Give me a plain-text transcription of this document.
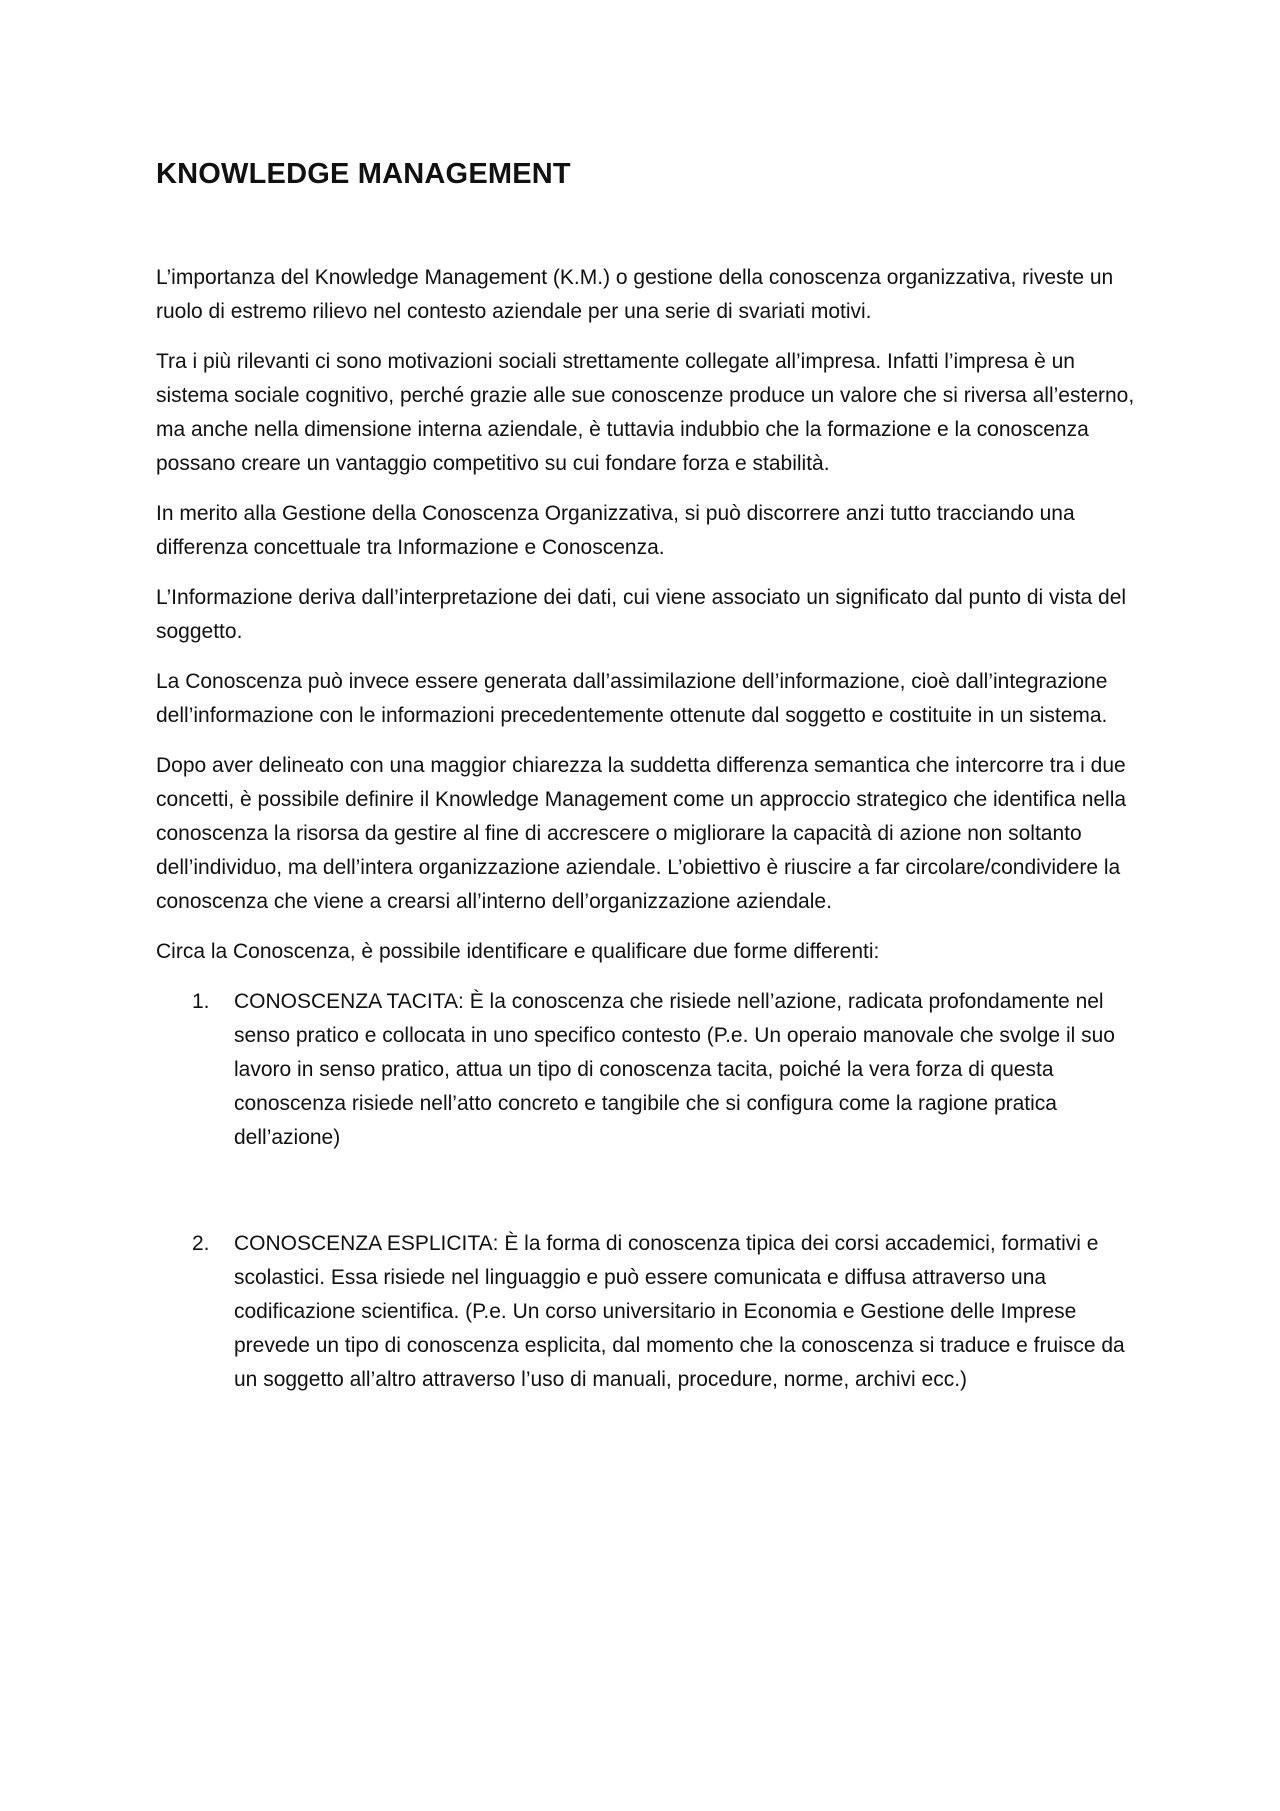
KNOWLEDGE MANAGEMENT

L’importanza del Knowledge Management (K.M.) o gestione della conoscenza organizzativa, riveste un ruolo di estremo rilievo nel contesto aziendale per una serie di svariati motivi.

Tra i più rilevanti ci sono motivazioni sociali strettamente collegate all’impresa. Infatti l’impresa è un sistema sociale cognitivo, perché grazie alle sue conoscenze produce un valore che si riversa all’esterno, ma anche nella dimensione interna aziendale, è tuttavia indubbio che la formazione e la conoscenza possano creare un vantaggio competitivo su cui fondare forza e stabilità.

In merito alla Gestione della Conoscenza Organizzativa, si può discorrere anzi tutto tracciando una differenza concettuale tra Informazione e Conoscenza.

L’Informazione deriva dall’interpretazione dei dati, cui viene associato un significato dal punto di vista del soggetto.

La Conoscenza può invece essere generata dall’assimilazione dell’informazione, cioè dall’integrazione dell’informazione con le informazioni precedentemente ottenute dal soggetto e costituite in un sistema.

Dopo aver delineato con una maggior chiarezza la suddetta differenza semantica che intercorre tra i due concetti, è possibile definire il Knowledge Management come un approccio strategico che identifica nella conoscenza la risorsa da gestire al fine di accrescere o migliorare la capacità di azione non soltanto dell’individuo, ma dell’intera organizzazione aziendale. L’obiettivo è riuscire a far circolare/condividere la conoscenza che viene a crearsi all’interno dell’organizzazione aziendale.

Circa la Conoscenza, è possibile identificare e qualificare due forme differenti:

1. CONOSCENZA TACITA: È la conoscenza che risiede nell’azione, radicata profondamente nel senso pratico e collocata in uno specifico contesto (P.e. Un operaio manovale che svolge il suo lavoro in senso pratico, attua un tipo di conoscenza tacita, poiché la vera forza di questa conoscenza risiede nell’atto concreto e tangibile che si configura come la ragione pratica dell’azione)
2. CONOSCENZA ESPLICITA: È la forma di conoscenza tipica dei corsi accademici, formativi e scolastici. Essa risiede nel linguaggio e può essere comunicata e diffusa attraverso una codificazione scientifica. (P.e. Un corso universitario in Economia e Gestione delle Imprese prevede un tipo di conoscenza esplicita, dal momento che la conoscenza si traduce e fruisce da un soggetto all’altro attraverso l’uso di manuali, procedure, norme, archivi ecc.)
